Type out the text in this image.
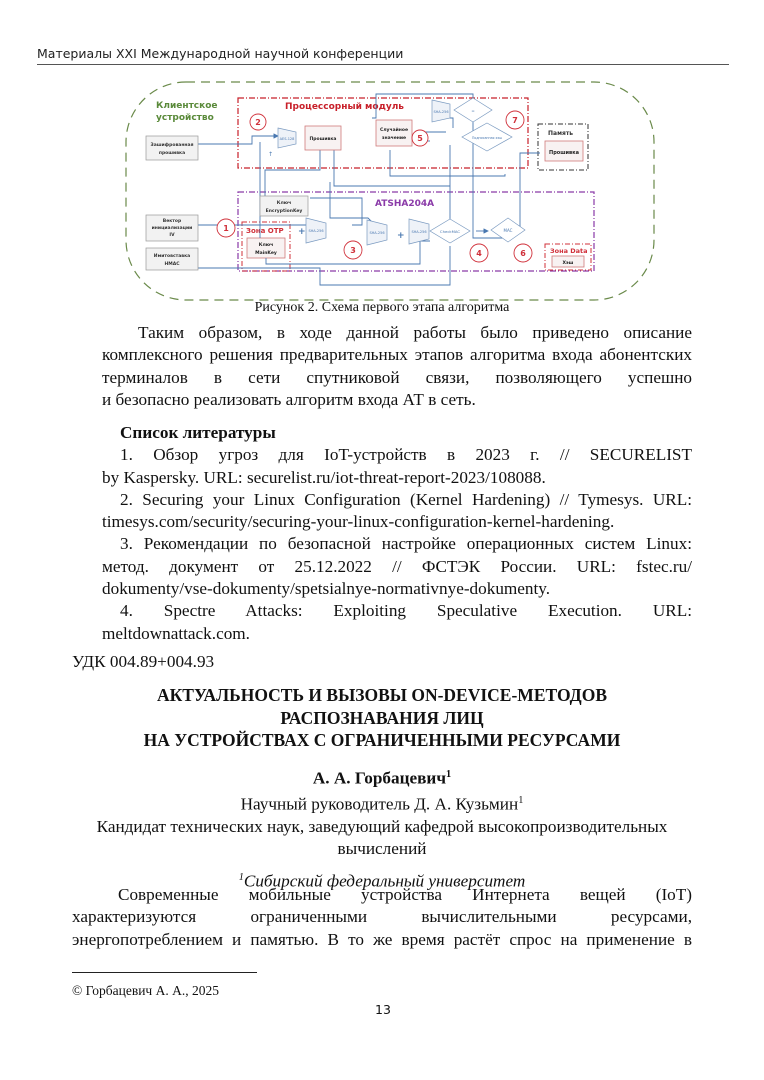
Материалы XXI Международной научной конференции
Клиентское
устройство
Процессорный модуль
Память
Прошивка
ATSHA204A
Зона OTP
Ключ
MainKey	Зона Data
Хэш
Зашифрованная
прошивка
Вектор
инициализации
IV
Имитовставка
HMAC
AES-128
↑
Прошивка
Случайное
значение
SHA-256	=
Подписанная хэш
Ключ
EncryptionKey
+ SHA-256	SHA-256 + SHA-256	CheckMAC	MAC
1
2
3	4
5
6
7
Рисунок 2. Схема первого этапа алгоритма
Таким образом, в ходе данной работы было приведено описание
комплексного решения предварительных этапов алгоритма входа абонентских
терминалов в сети спутниковой связи, позволяющего успешно
и безопасно реализовать алгоритм входа АТ в сеть.
Список литературы
1. Обзор угроз для IoT-устройств в 2023 г. // SECURELIST
by Kaspersky. URL: securelist.ru/iot-threat-report-2023/108088.
2. Securing your Linux Configuration (Kernel Hardening) // Tymesys. URL:
timesys.com/security/securing-your-linux-configuration-kernel-hardening.
3. Рекомендации по безопасной настройке операционных систем Linux:
метод. документ от 25.12.2022 // ФСТЭК России. URL: fstec.ru/
dokumenty/vse-dokumenty/spetsialnye-normativnye-dokumenty.
4. Spectre Attacks: Exploiting Speculative Execution. URL:
meltdownattack.com.
УДК 004.89+004.93
АКТУАЛЬНОСТЬ И ВЫЗОВЫ ON-DEVICE-МЕТОДОВ
РАСПОЗНАВАНИЯ ЛИЦ
НА УСТРОЙСТВАХ С ОГРАНИЧЕННЫМИ РЕСУРСАМИ
А. А. Горбацевич$^1$
Научный руководитель Д. А. Кузьмин$^1$
Кандидат технических наук, заведующий кафедрой высокопроизводительных
вычислений
$^1$Сибирский федеральный университет
Современные мобильные устройства Интернета вещей (IoT)
характеризуются ограниченными вычислительными ресурсами,
энергопотреблением и памятью. В то же время растёт спрос на применение в
© Горбацевич А. А., 2025
13
